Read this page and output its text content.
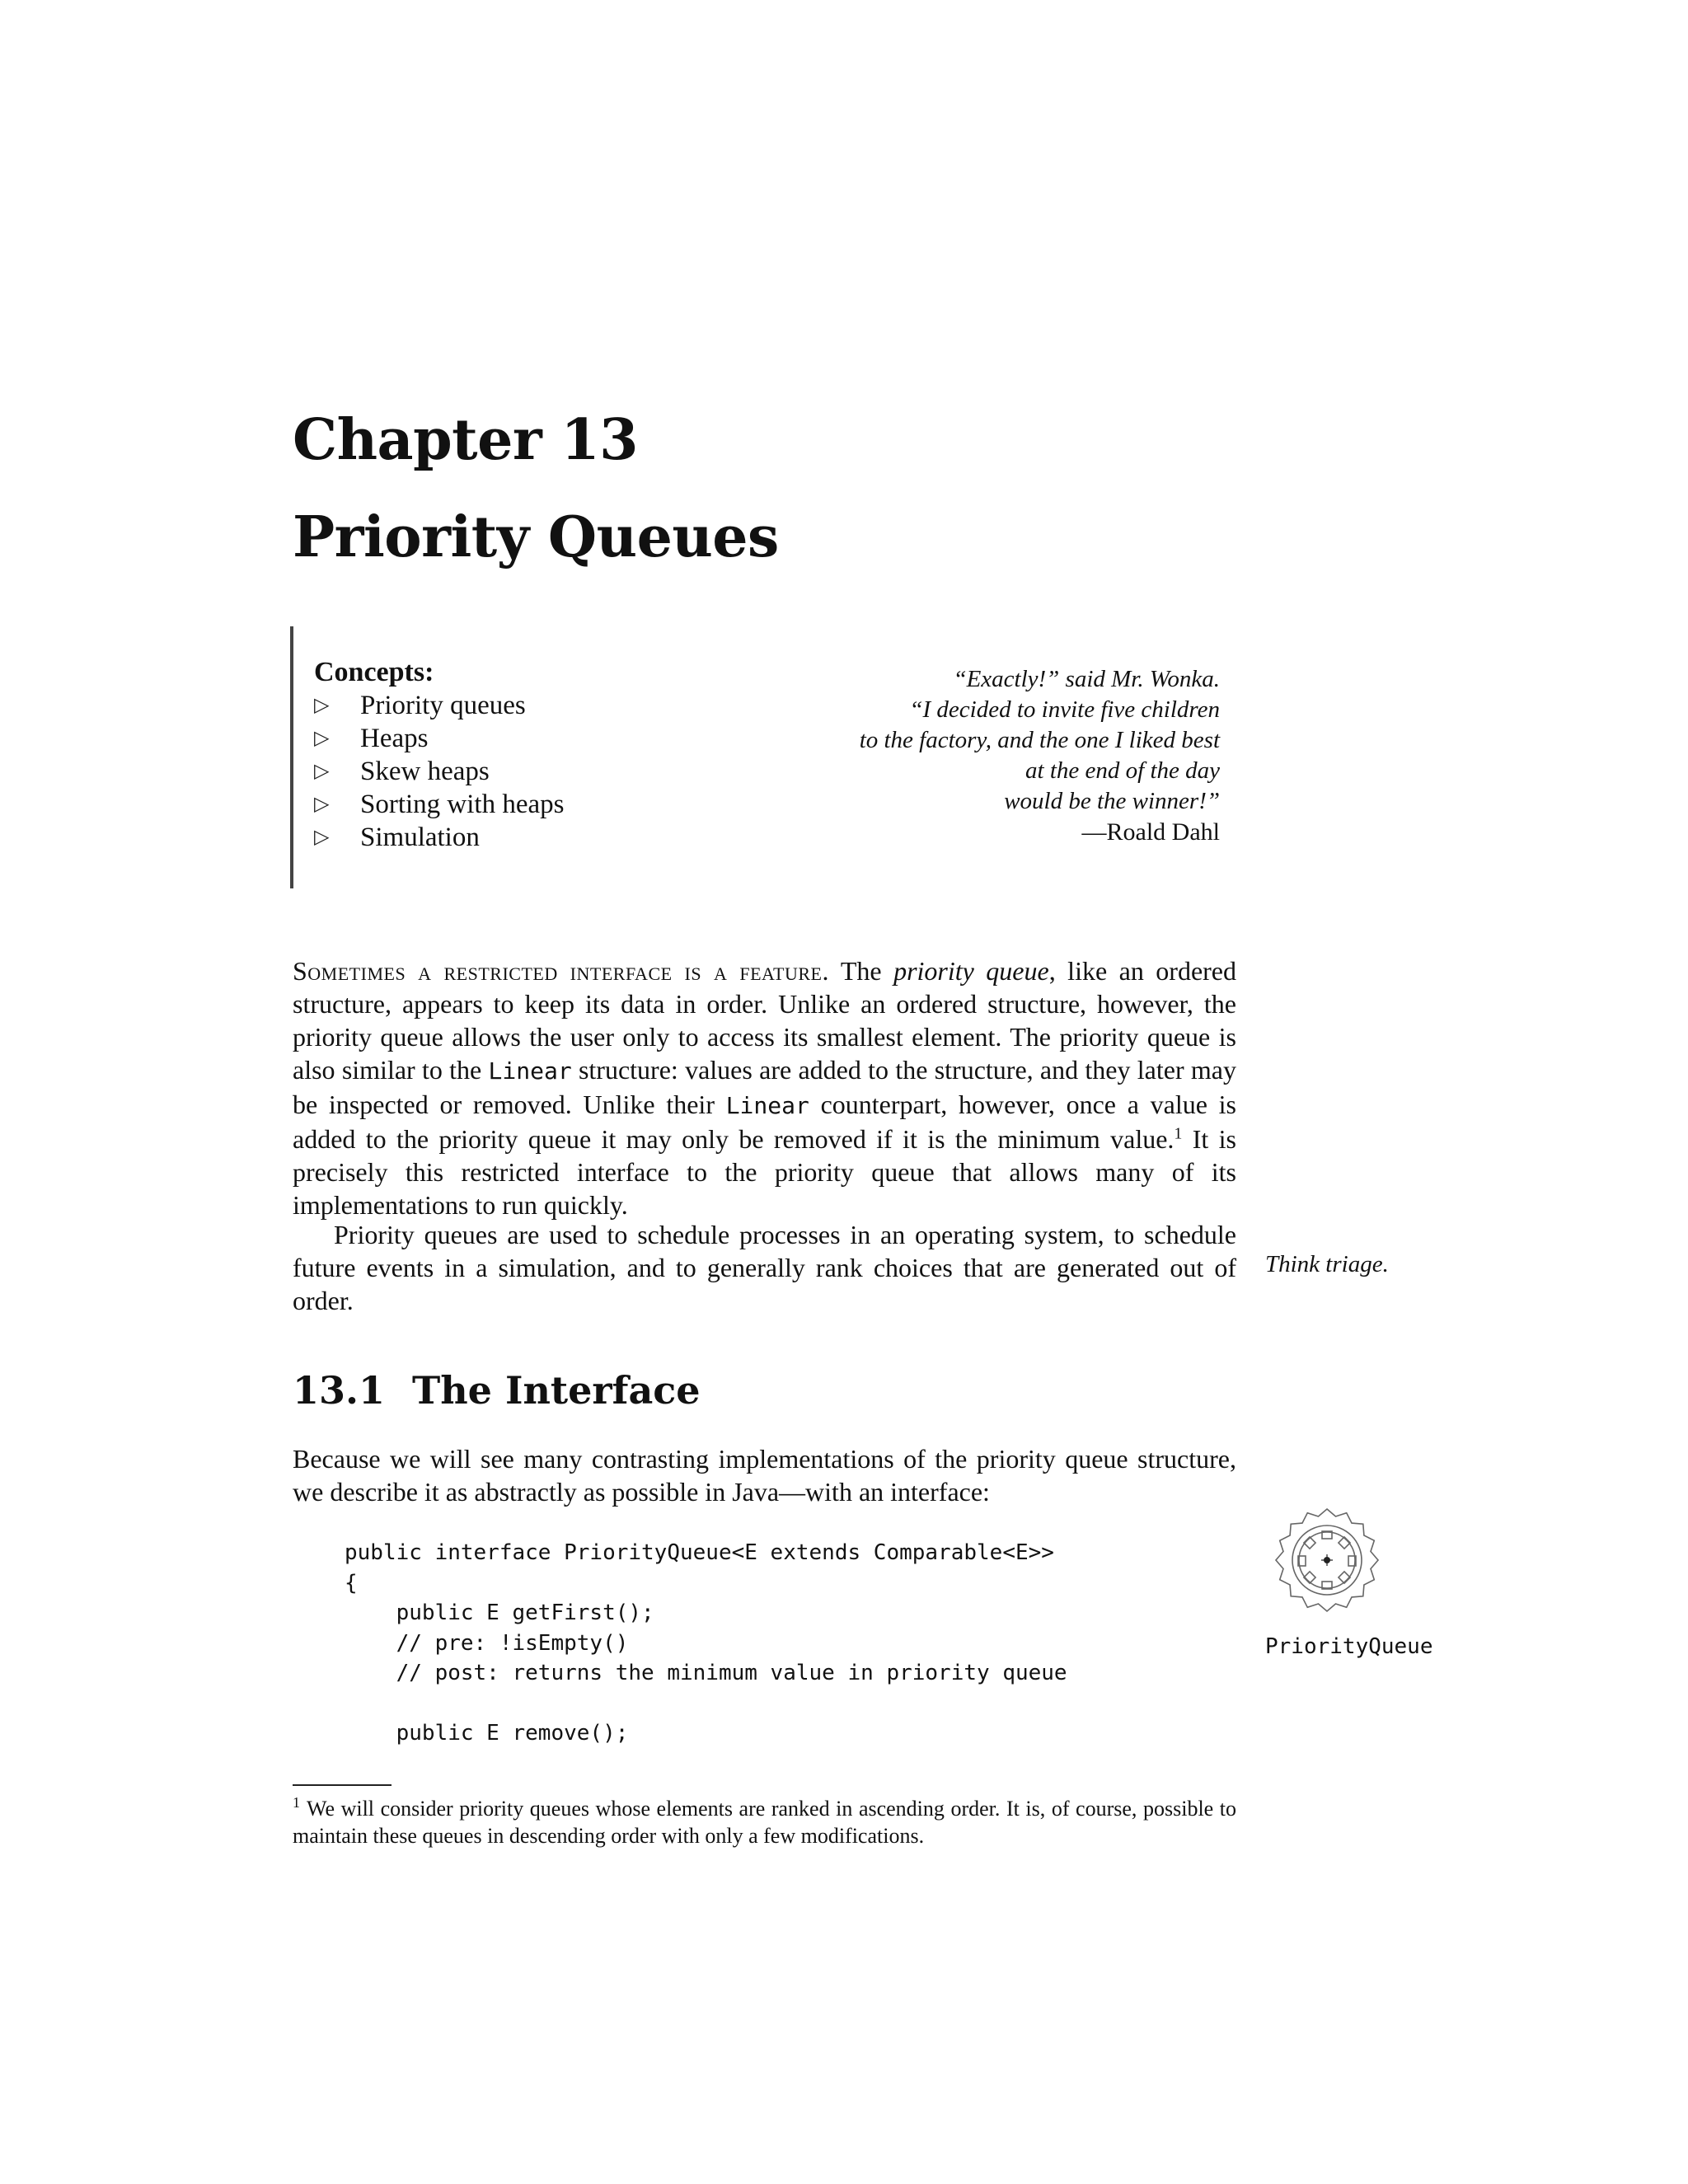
Chapter 13
Priority Queues
Concepts:
▷	Priority queues
▷	Heaps
▷	Skew heaps
▷	Sorting with heaps
▷	Simulation
“Exactly!” said Mr. Wonka.
“I decided to invite five children
to the factory, and the one I liked best
at the end of the day
would be the winner!”
—Roald Dahl
Sometimes a restricted interface is a feature. The priority queue, like an ordered structure, appears to keep its data in order. Unlike an ordered structure, however, the priority queue allows the user only to access its smallest element. The priority queue is also similar to the Linear structure: values are added to the structure, and they later may be inspected or removed. Unlike their Linear counterpart, however, once a value is added to the priority queue it may only be removed if it is the minimum value.$^1$ It is precisely this restricted interface to the priority queue that allows many of its implementations to run quickly.
Priority queues are used to schedule processes in an operating system, to schedule future events in a simulation, and to generally rank choices that are generated out of order.
Think triage.
13.1 The Interface
Because we will see many contrasting implementations of the priority queue structure, we describe it as abstractly as possible in Java—with an interface:
public interface PriorityQueue<E extends Comparable<E>>
{
public E getFirst();
// pre: !isEmpty()
// post: returns the minimum value in priority queue
public E remove();
PriorityQueue
$^1$ We will consider priority queues whose elements are ranked in ascending order. It is, of course, possible to maintain these queues in descending order with only a few modifications.
